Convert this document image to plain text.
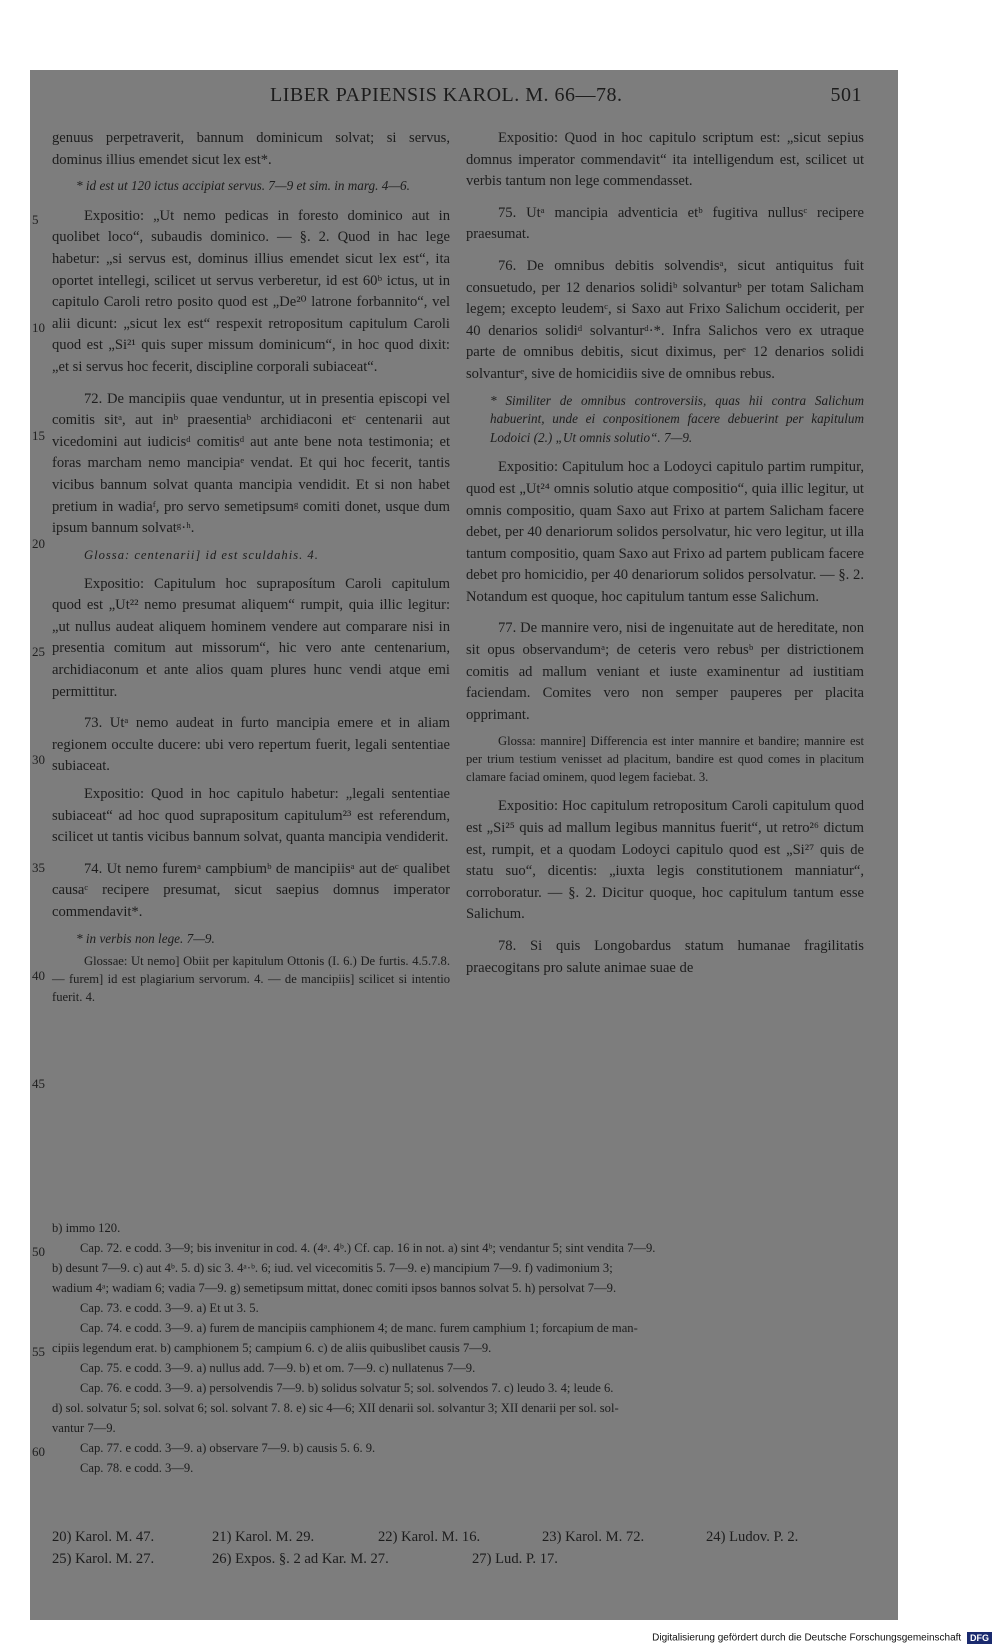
LIBER PAPIENSIS KAROL. M. 66—78.	501
5
10
15
20
25
30
35
40
45
50
55
60

genuus perpetraverit, bannum dominicum solvat; si servus, dominus illius emendet sicut lex est*.

* id est ut 120 ictus accipiat servus. 7—9 et sim. in marg. 4—6.

Expositio: „Ut nemo pedicas in foresto dominico aut in quolibet loco“, subaudis dominico. — §. 2. Quod in hac lege habetur: „si servus est, dominus illius emendet sicut lex est“, ita oportet intellegi, scilicet ut servus verberetur, id est 60ᵇ ictus, ut in capitulo Caroli retro posito quod est „De²⁰ latrone forbannito“, vel alii dicunt: „sicut lex est“ respexit retropositum capitulum Caroli quod est „Si²¹ quis super missum dominicum“, in hoc quod dixit: „et si servus hoc fecerit, discipline corporali subiaceat“.

72. De mancipiis quae venduntur, ut in presentia episcopi vel comitis sitᵃ, aut inᵇ praesentiaᵇ archidiaconi etᶜ centenarii aut vicedomini aut iudicisᵈ comitisᵈ aut ante bene nota testimonia; et foras marcham nemo mancipiaᵉ vendat. Et qui hoc fecerit, tantis vicibus bannum solvat quanta mancipia vendidit. Et si non habet pretium in wadiaᶠ, pro servo semetipsumᵍ comiti donet, usque dum ipsum bannum solvatᵍ·ʰ.

Glossa: centenarii] id est sculdahis. 4.

Expositio: Capitulum hoc supraposítum Caroli capitulum quod est „Ut²² nemo presumat aliquem“ rumpit, quia illic legitur: „ut nullus audeat aliquem hominem vendere aut comparare nisi in presentia comitum aut missorum“, hic vero ante centenarium, archidiaconum et ante alios quam plures hunc vendi atque emi permittitur.

73. Utᵃ nemo audeat in furto mancipia emere et in aliam regionem occulte ducere: ubi vero repertum fuerit, legali sententiae subiaceat.

Expositio: Quod in hoc capitulo habetur: „legali sententiae subiaceat“ ad hoc quod suprapositum capitulum²³ est referendum, scilicet ut tantis vicibus bannum solvat, quanta mancipia vendiderit.

74. Ut nemo furemᵃ campbiumᵇ de mancipiisᵃ aut deᶜ qualibet causaᶜ recipere presumat, sicut saepius domnus imperator commendavit*.

* in verbis non lege. 7—9.

Glossae: Ut nemo] Obiit per kapitulum Ottonis (I. 6.) De furtis. 4.5.7.8. — furem] id est plagiarium servorum. 4. — de mancipiis] scilicet si intentio fuerit. 4.

Expositio: Quod in hoc capitulo scriptum est: „sicut sepius domnus imperator commendavit“ ita intelligendum est, scilicet ut verbis tantum non lege commendasset.

75. Utᵃ mancipia adventicia etᵇ fugitiva nullusᶜ recipere praesumat.

76. De omnibus debitis solvendisᵃ, sicut antiquitus fuit consuetudo, per 12 denarios solidiᵇ solvanturᵇ per totam Salicham legem; excepto leudemᶜ, si Saxo aut Frixo Salichum occiderit, per 40 denarios solidiᵈ solvanturᵈ·*. Infra Salichos vero ex utraque parte de omnibus debitis, sicut diximus, perᵉ 12 denarios solidi solvanturᵉ, sive de homicidiis sive de omnibus rebus.

* Similiter de omnibus controversiis, quas hii contra Salichum habuerint, unde ei conpositionem facere debuerint per kapitulum Lodoici (2.) „Ut omnis solutio“. 7—9.

Expositio: Capitulum hoc a Lodoyci capitulo partim rumpitur, quod est „Ut²⁴ omnis solutio atque compositio“, quia illic legitur, ut omnis compositio, quam Saxo aut Frixo at partem Salicham facere debet, per 40 denariorum solidos persolvatur, hic vero legitur, ut illa tantum compositio, quam Saxo aut Frixo ad partem publicam facere debet pro homicidio, per 40 denariorum solidos persolvatur. — §. 2. Notandum est quoque, hoc capitulum tantum esse Salichum.

77. De mannire vero, nisi de ingenuitate aut de hereditate, non sit opus observandumᵃ; de ceteris vero rebusᵇ per districtionem comitis ad mallum veniant et iuste examinentur ad iustitiam faciendam. Comites vero non semper pauperes per placita opprimant.

Glossa: mannire] Differencia est inter mannire et bandire; mannire est per trium testium venisset ad placitum, bandire est quod comes in placitum clamare faciad ominem, quod legem faciebat. 3.

Expositio: Hoc capitulum retropositum Caroli capitulum quod est „Si²⁵ quis ad mallum legibus mannitus fuerit“, ut retro²⁶ dictum est, rumpit, et a quodam Lodoyci capitulo quod est „Si²⁷ quis de statu suo“, dicentis: „iuxta legis constitutionem manniatur“, corroboratur. — §. 2. Dicitur quoque, hoc capitulum tantum esse Salichum.

78. Si quis Longobardus statum humanae fragilitatis praecogitans pro salute animae suae de

b) immo 120.
Cap. 72. e codd. 3—9; bis invenitur in cod. 4. (4ᵃ. 4ᵇ.) Cf. cap. 16 in not. a) sint 4ᵇ; vendantur 5; sint vendita 7—9.
b) desunt 7—9. c) aut 4ᵇ. 5. d) sic 3. 4ᵃ·ᵇ. 6; iud. vel vicecomitis 5. 7—9. e) mancipium 7—9. f) vadimonium 3;
wadium 4ᵃ; wadiam 6; vadia 7—9. g) semetipsum mittat, donec comiti ipsos bannos solvat 5. h) persolvat 7—9.
Cap. 73. e codd. 3—9. a) Et ut 3. 5.
Cap. 74. e codd. 3—9. a) furem de mancipiis camphionem 4; de manc. furem camphium 1; forcapium de man-
cipiis legendum erat. b) camphionem 5; campium 6. c) de aliis quibuslibet causis 7—9.
Cap. 75. e codd. 3—9. a) nullus add. 7—9. b) et om. 7—9. c) nullatenus 7—9.
Cap. 76. e codd. 3—9. a) persolvendis 7—9. b) solidus solvatur 5; sol. solvendos 7. c) leudo 3. 4; leude 6.
d) sol. solvatur 5; sol. solvat 6; sol. solvant 7. 8. e) sic 4—6; XII denarii sol. solvantur 3; XII denarii per sol. sol-
vantur 7—9.
Cap. 77. e codd. 3—9. a) observare 7—9. b) causis 5. 6. 9.
Cap. 78. e codd. 3—9.
20) Karol. M. 47.	21) Karol. M. 29.	22) Karol. M. 16.	23) Karol. M. 72.	24) Ludov. P. 2.
25) Karol. M. 27.	26) Expos. §. 2 ad Kar. M. 27.	27) Lud. P. 17.
Digitalisierung gefördert durch die Deutsche Forschungsgemeinschaft DFG
